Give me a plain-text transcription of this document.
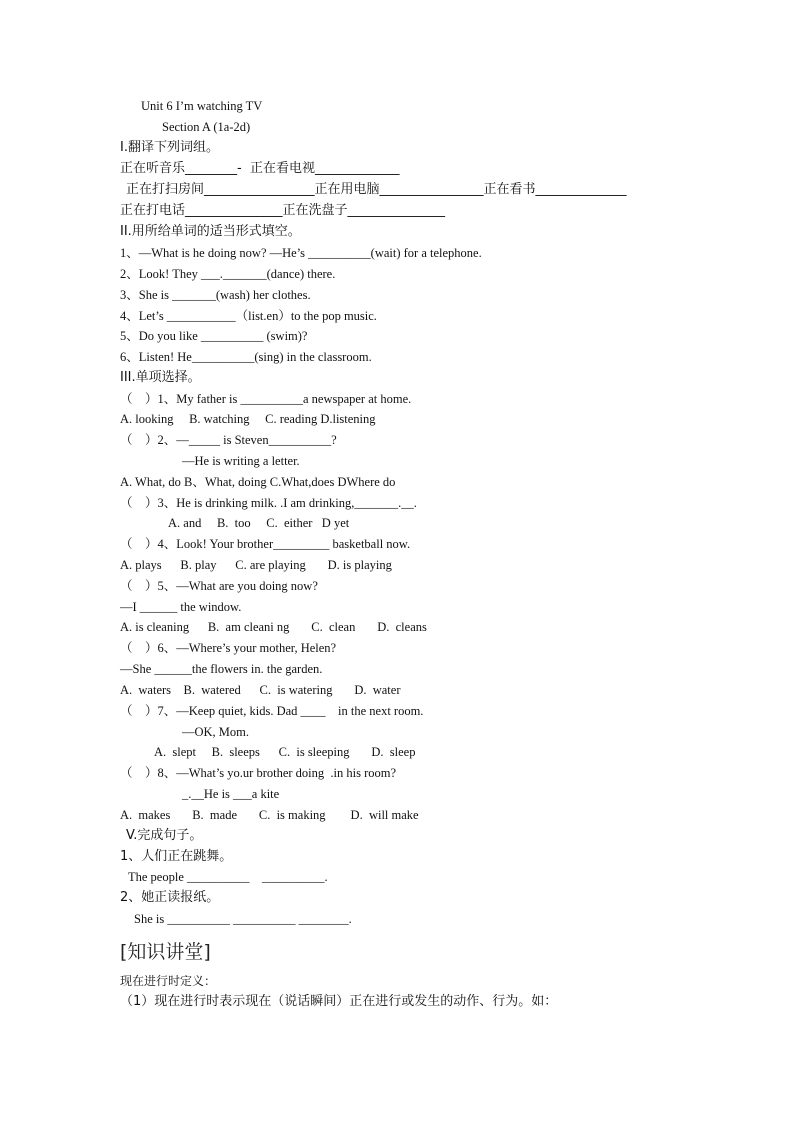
Unit 6 I’m watching TV
Section A (1a-2d)
I.翻译下列词组。
正在听音乐________-  正在看电视_____________
正在打扫房间_________________正在用电脑________________正在看书______________
正在打电话_______________正在洗盘子_______________
II.用所给单词的适当形式填空。
1、—What is he doing now? —He’s __________(wait) for a telephone.
2、Look! They ___._______(dance) there.
3、She is _______(wash) her clothes.
4、Let’s ___________（list.en）to the pop music.
5、Do you like __________ (swim)?
6、Listen! He__________(sing) in the classroom.
III.单项选择。
（    ）1、My father is __________a newspaper at home.
A. looking     B. watching     C. reading D.listening
（    ）2、—_____ is Steven__________?
—He is writing a letter.
A. What, do B、What, doing C.What,does DWhere do
（    ）3、He is drinking milk. .I am drinking,_______.__.
A. and     B.  too     C.  either   D yet
（    ）4、Look! Your brother_________ basketball now.
A. plays      B. play      C. are playing       D. is playing
（    ）5、—What are you doing now?
—I ______ the window.
A. is cleaning      B.  am cleani ng       C.  clean       D.  cleans
（    ）6、—Where’s your mother, Helen?
—She ______the flowers in. the garden.
A.  waters    B.  watered      C.  is watering       D.  water
（    ）7、—Keep quiet, kids. Dad ____    in the next room.
—OK, Mom.
A.  slept     B.  sleeps      C.  is sleeping       D.  sleep
（    ）8、—What’s yo.ur brother doing  .in his room?
_.__He is ___a kite
A.  makes       B.  made       C.  is making        D.  will make
V.完成句子。
1、人们正在跳舞。
The people __________    __________.
2、她正读报纸。
She is __________ __________ ________.
[知识讲堂]
现在进行时定义：
（1）现在进行时表示现在（说话瞬间）正在进行或发生的动作、行为。如：
